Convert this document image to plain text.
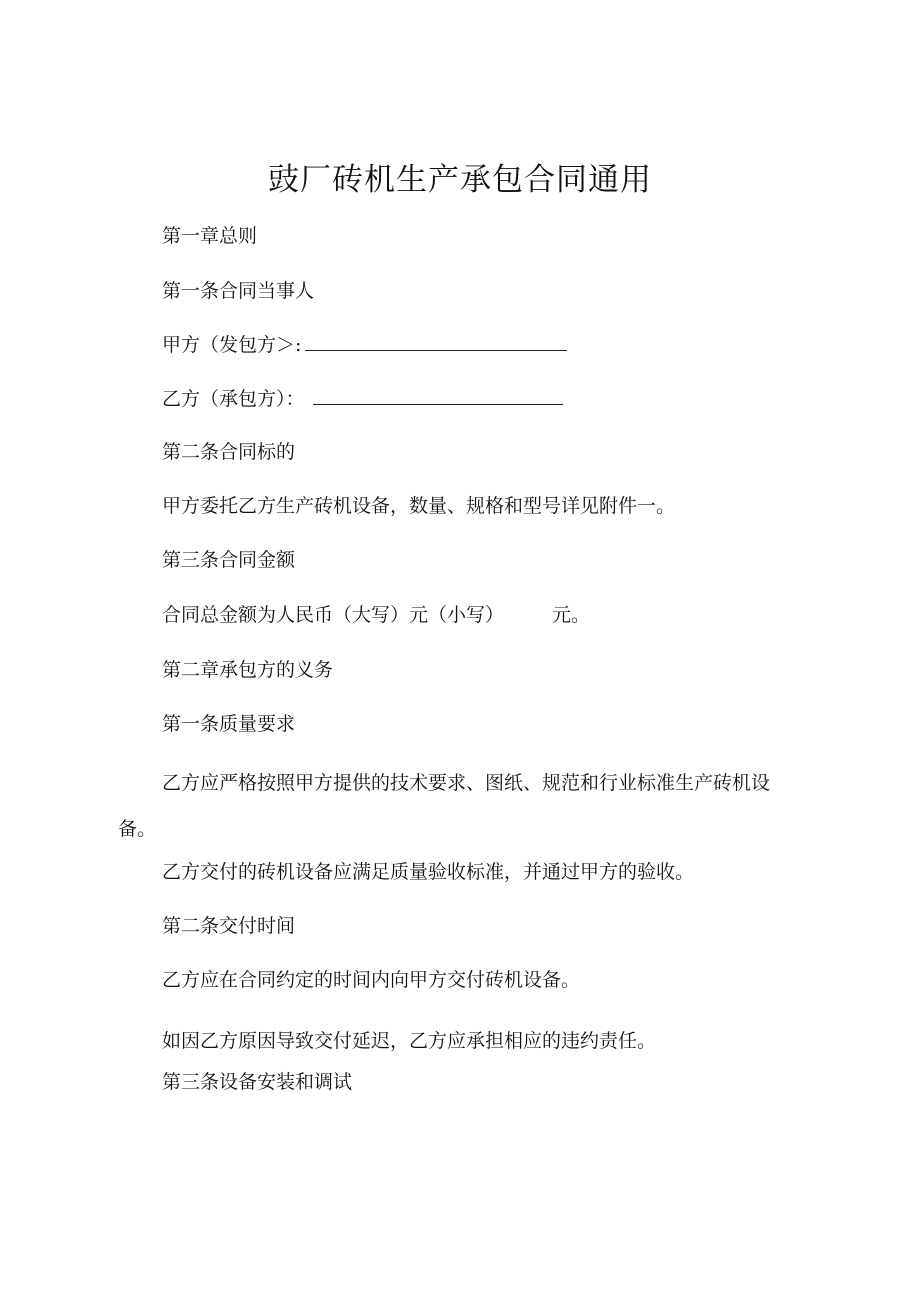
豉厂砖机生产承包合同通用
第一章总则
第一条合同当事人
甲方（发包方＞:
乙方（承包方）：
第二条合同标的
甲方委托乙方生产砖机设备，数量、规格和型号详见附件一。
第三条合同金额
合同总金额为人民币（大写）元（小写）	元。
第二章承包方的义务
第一条质量要求
乙方应严格按照甲方提供的技术要求、图纸、规范和行业标准生产砖机设备。
乙方交付的砖机设备应满足质量验收标准，并通过甲方的验收。
第二条交付时间
乙方应在合同约定的时间内向甲方交付砖机设备。
如因乙方原因导致交付延迟，乙方应承担相应的违约责任。
第三条设备安装和调试
